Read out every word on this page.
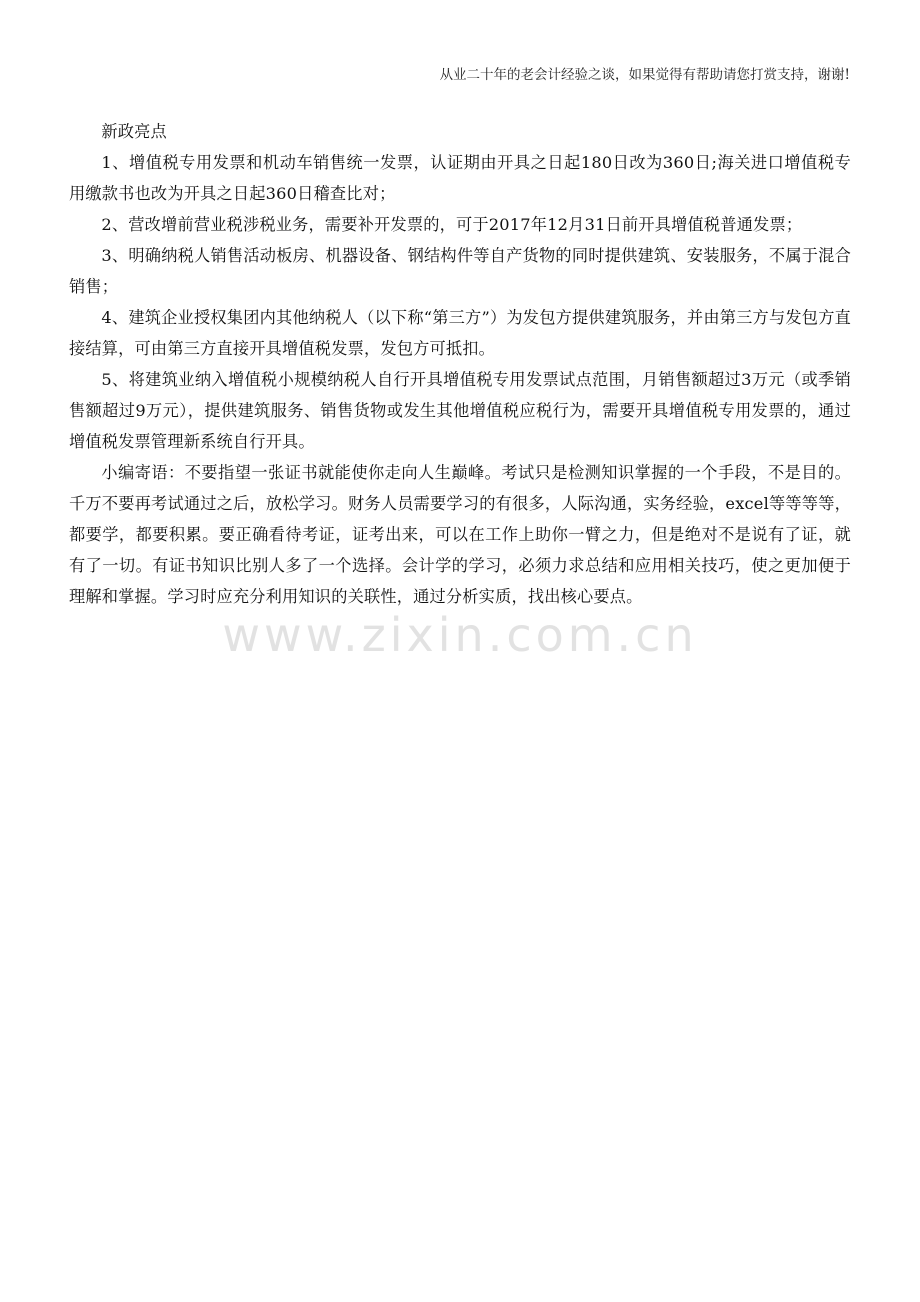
从业二十年的老会计经验之谈，如果觉得有帮助请您打赏支持，谢谢!
www.zixin.com.cn

新政亮点

1、增值税专用发票和机动车销售统一发票，认证期由开具之日起180日改为360日;海关进口增值税专用缴款书也改为开具之日起360日稽查比对；

2、营改增前营业税涉税业务，需要补开发票的，可于2017年12月31日前开具增值税普通发票；

3、明确纳税人销售活动板房、机器设备、钢结构件等自产货物的同时提供建筑、安装服务，不属于混合销售；

4、建筑企业授权集团内其他纳税人（以下称“第三方”）为发包方提供建筑服务，并由第三方与发包方直接结算，可由第三方直接开具增值税发票，发包方可抵扣。

5、将建筑业纳入增值税小规模纳税人自行开具增值税专用发票试点范围，月销售额超过3万元（或季销售额超过9万元），提供建筑服务、销售货物或发生其他增值税应税行为，需要开具增值税专用发票的，通过增值税发票管理新系统自行开具。

小编寄语：不要指望一张证书就能使你走向人生巅峰。考试只是检测知识掌握的一个手段，不是目的。千万不要再考试通过之后，放松学习。财务人员需要学习的有很多，人际沟通，实务经验，excel等等等等，都要学，都要积累。要正确看待考证，证考出来，可以在工作上助你一臂之力，但是绝对不是说有了证，就有了一切。有证书知识比别人多了一个选择。会计学的学习，必须力求总结和应用相关技巧，使之更加便于理解和掌握。学习时应充分利用知识的关联性，通过分析实质，找出核心要点。
